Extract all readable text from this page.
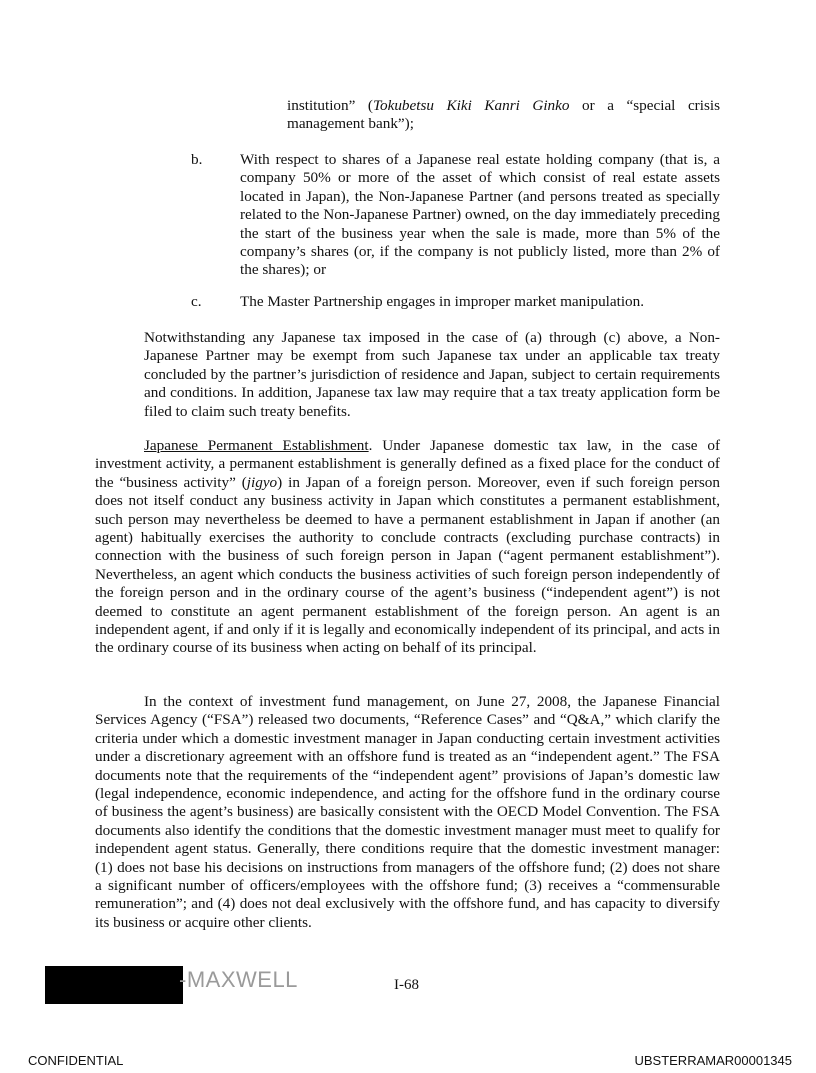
institution” (Tokubetsu Kiki Kanri Ginko or a “special crisis management bank”);
b. With respect to shares of a Japanese real estate holding company (that is, a company 50% or more of the asset of which consist of real estate assets located in Japan), the Non-Japanese Partner (and persons treated as specially related to the Non-Japanese Partner) owned, on the day immediately preceding the start of the business year when the sale is made, more than 5% of the company’s shares (or, if the company is not publicly listed, more than 2% of the shares); or
c.	The Master Partnership engages in improper market manipulation.
Notwithstanding any Japanese tax imposed in the case of (a) through (c) above, a Non-Japanese Partner may be exempt from such Japanese tax under an applicable tax treaty concluded by the partner’s jurisdiction of residence and Japan, subject to certain requirements and conditions. In addition, Japanese tax law may require that a tax treaty application form be filed to claim such treaty benefits.
Japanese Permanent Establishment. Under Japanese domestic tax law, in the case of investment activity, a permanent establishment is generally defined as a fixed place for the conduct of the “business activity” (jigyo) in Japan of a foreign person. Moreover, even if such foreign person does not itself conduct any business activity in Japan which constitutes a permanent establishment, such person may nevertheless be deemed to have a permanent establishment in Japan if another (an agent) habitually exercises the authority to conclude contracts (excluding purchase contracts) in connection with the business of such foreign person in Japan (“agent permanent establishment”). Nevertheless, an agent which conducts the business activities of such foreign person independently of the foreign person and in the ordinary course of the agent’s business (“independent agent”) is not deemed to constitute an agent permanent establishment of the foreign person. An agent is an independent agent, if and only if it is legally and economically independent of its principal, and acts in the ordinary course of its business when acting on behalf of its principal.
In the context of investment fund management, on June 27, 2008, the Japanese Financial Services Agency (“FSA”) released two documents, “Reference Cases” and “Q&A,” which clarify the criteria under which a domestic investment manager in Japan conducting certain investment activities under a discretionary agreement with an offshore fund is treated as an “independent agent.” The FSA documents note that the requirements of the “independent agent” provisions of Japan’s domestic law (legal independence, economic independence, and acting for the offshore fund in the ordinary course of business the agent’s business) are basically consistent with the OECD Model Convention. The FSA documents also identify the conditions that the domestic investment manager must meet to qualify for independent agent status. Generally, there conditions require that the domestic investment manager: (1) does not base his decisions on instructions from managers of the offshore fund; (2) does not share a significant number of officers/employees with the offshore fund; (3) receives a “commensurable remuneration”; and (4) does not deal exclusively with the offshore fund, and has capacity to diversify its business or acquire other clients.
-MAXWELL	I-68
CONFIDENTIAL	UBSTERRAMAR00001345
